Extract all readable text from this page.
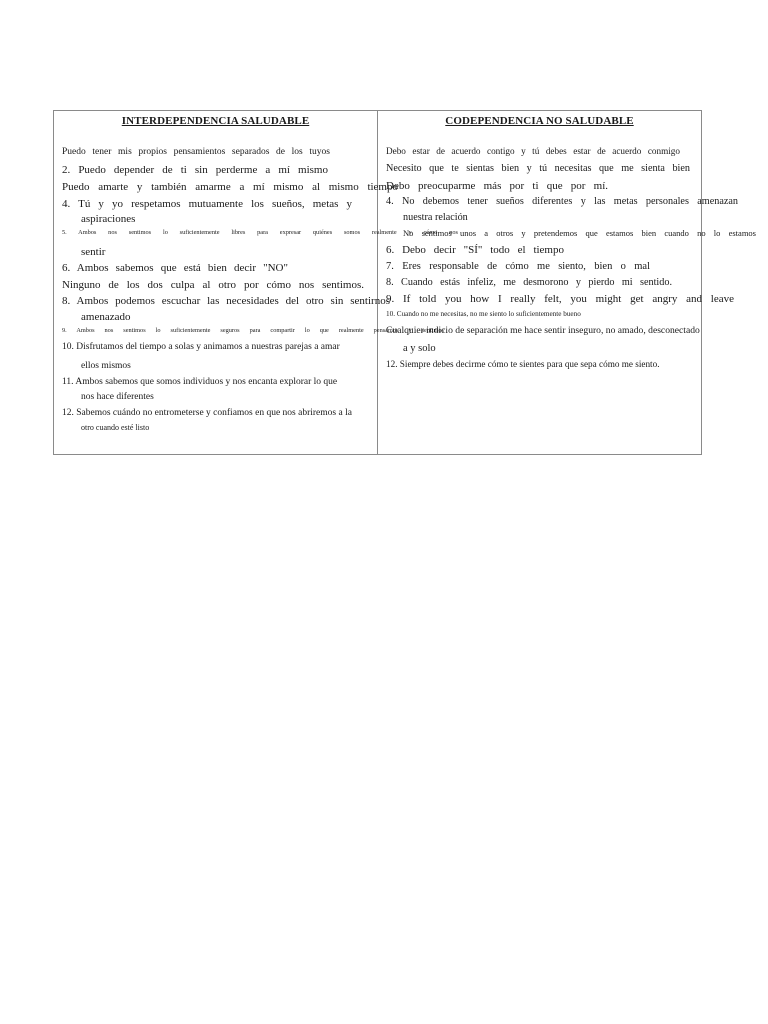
INTERDEPENDENCIA SALUDABLE
Puedo tener mis propios pensamientos separados de los tuyos
2. Puedo depender de ti sin perderme a mí mismo
Puedo amarte y también amarme a mí mismo al mismo tiempo
4. Tú y yo respetamos mutuamente los sueños, metas y
aspiraciones
5. Ambos nos sentimos lo suficientemente libres para expresar quiénes somos realmente y cómo nos
sentir
6. Ambos sabemos que está bien decir "NO"
Ninguno de los dos culpa al otro por cómo nos sentimos.
8. Ambos podemos escuchar las necesidades del otro sin sentirnos
amenazado
9. Ambos nos sentimos lo suficientemente seguros para compartir lo que realmente pensamos y sentimos
10. Disfrutamos del tiempo a solas y animamos a nuestras parejas a amar
ellos mismos
11. Ambos sabemos que somos individuos y nos encanta explorar lo que
nos hace diferentes
12. Sabemos cuándo no entrometerse y confiamos en que nos abriremos a la
otro cuando esté listo
CODEPENDENCIA NO SALUDABLE
Debo estar de acuerdo contigo y tú debes estar de acuerdo conmigo
Necesito que te sientas bien y tú necesitas que me sienta bien
Debo preocuparme más por ti que por mí.
4. No debemos tener sueños diferentes y las metas personales amenazan
nuestra relación
No sentimos unos a otros y pretendemos que estamos bien cuando no lo estamos
6. Debo decir "SÍ" todo el tiempo
7. Eres responsable de cómo me siento, bien o mal
8. Cuando estás infeliz, me desmorono y pierdo mi sentido.
9. If told you how I really felt, you might get angry and leave
10. Cuando no me necesitas, no me siento lo suficientemente bueno
Cualquier indicio de separación me hace sentir inseguro, no amado, desconectado
a y solo
12. Siempre debes decirme cómo te sientes para que sepa cómo me siento.
